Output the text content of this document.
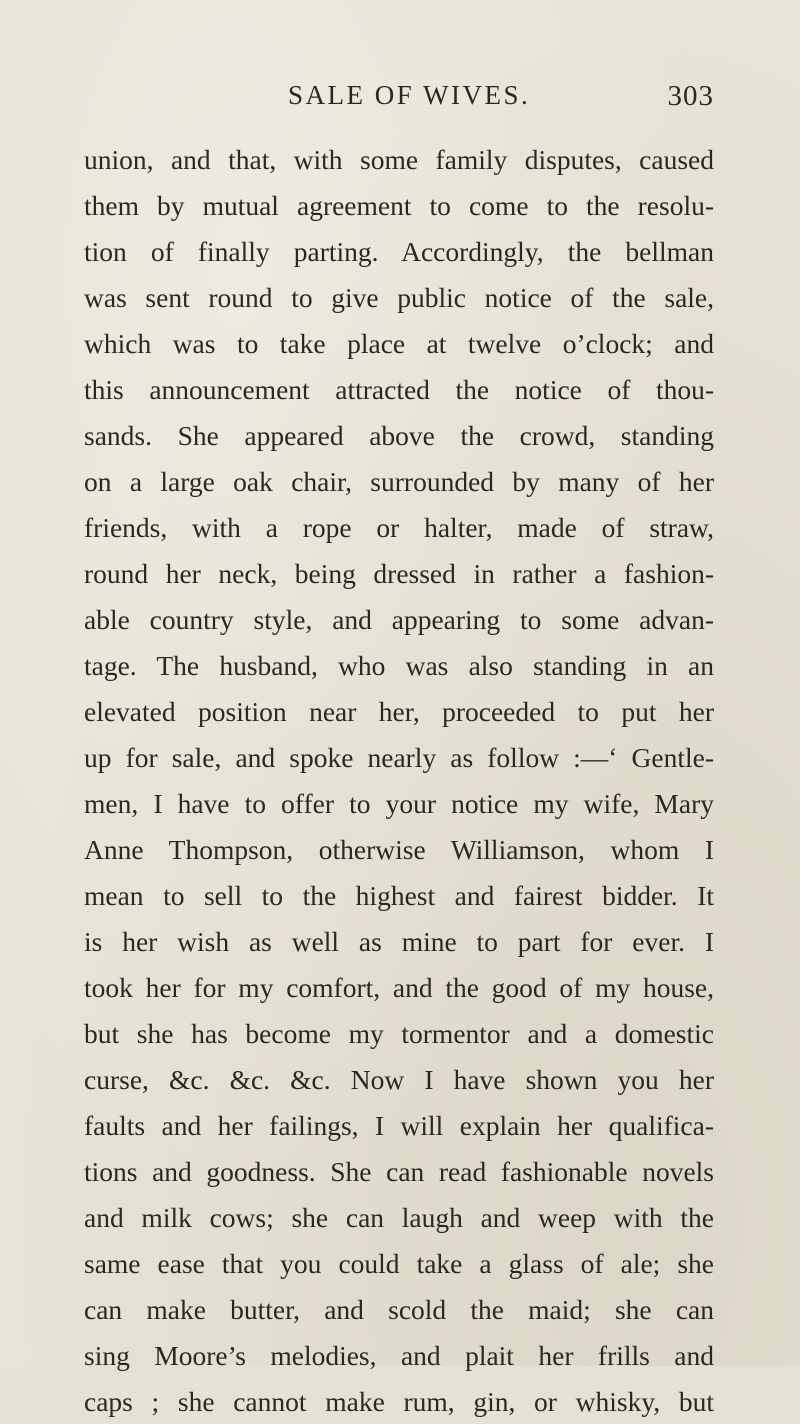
SALE OF WIVES.	303
union, and that, with some family disputes, caused
them by mutual agreement to come to the resolu-
tion of finally parting. Accordingly, the bellman
was sent round to give public notice of the sale,
which was to take place at twelve o’clock; and
this announcement attracted the notice of thou-
sands. She appeared above the crowd, standing
on a large oak chair, surrounded by many of her
friends, with a rope or halter, made of straw,
round her neck, being dressed in rather a fashion-
able country style, and appearing to some advan-
tage. The husband, who was also standing in an
elevated position near her, proceeded to put her
up for sale, and spoke nearly as follow :—‘ Gentle-
men, I have to offer to your notice my wife, Mary
Anne Thompson, otherwise Williamson, whom I
mean to sell to the highest and fairest bidder. It
is her wish as well as mine to part for ever. I
took her for my comfort, and the good of my house,
but she has become my tormentor and a domestic
curse, &c. &c. &c. Now I have shown you her
faults and her failings, I will explain her qualifica-
tions and goodness. She can read fashionable novels
and milk cows; she can laugh and weep with the
same ease that you could take a glass of ale; she
can make butter, and scold the maid; she can
sing Moore’s melodies, and plait her frills and
caps ; she cannot make rum, gin, or whisky, but
